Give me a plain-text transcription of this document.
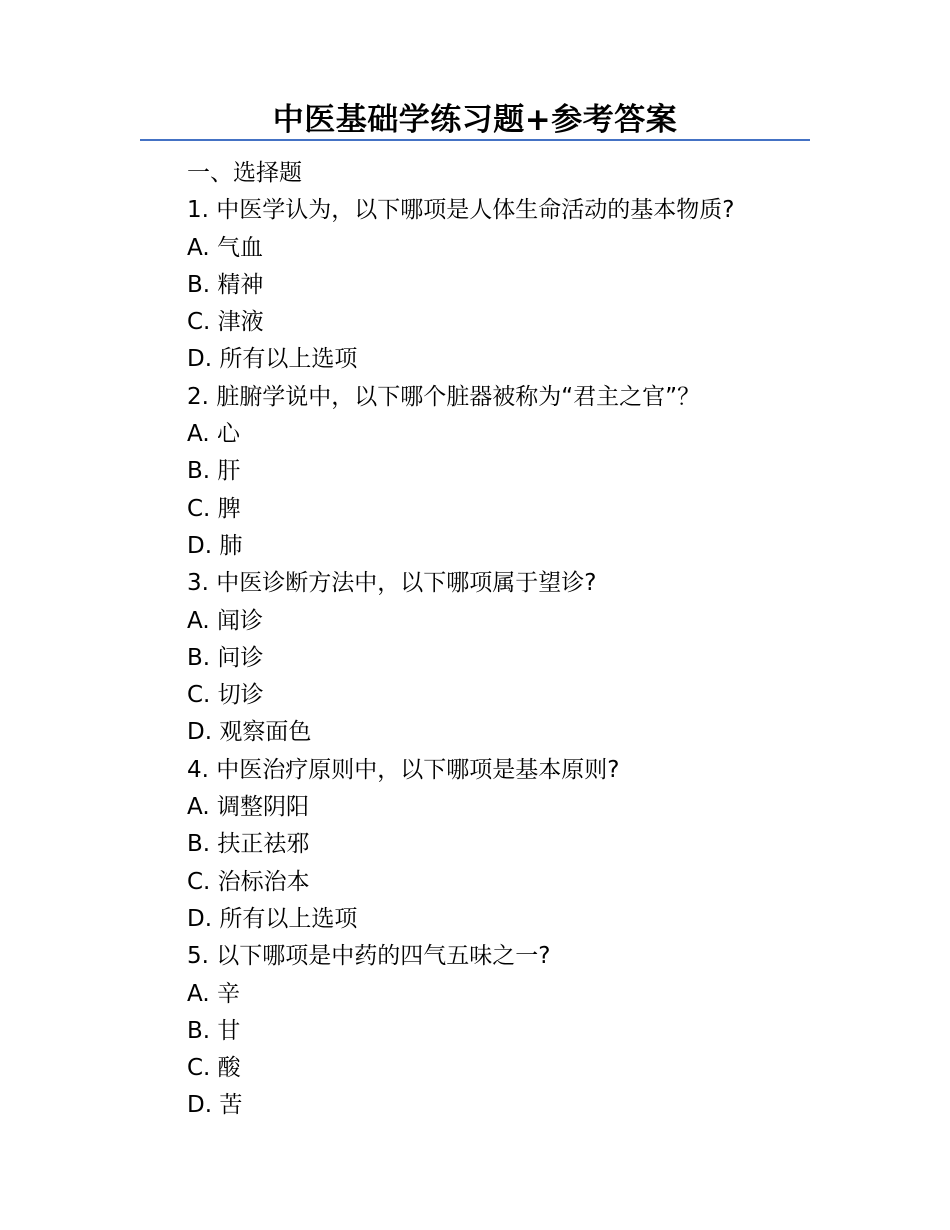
中医基础学练习题+参考答案
一、选择题
1. 中医学认为，以下哪项是人体生命活动的基本物质?
A. 气血
B. 精神
C. 津液
D. 所有以上选项
2. 脏腑学说中，以下哪个脏器被称为“君主之官”？
A. 心
B. 肝
C. 脾
D. 肺
3. 中医诊断方法中，以下哪项属于望诊?
A. 闻诊
B. 问诊
C. 切诊
D. 观察面色
4. 中医治疗原则中，以下哪项是基本原则?
A. 调整阴阳
B. 扶正祛邪
C. 治标治本
D. 所有以上选项
5. 以下哪项是中药的四气五味之一?
A. 辛
B. 甘
C. 酸
D. 苦
